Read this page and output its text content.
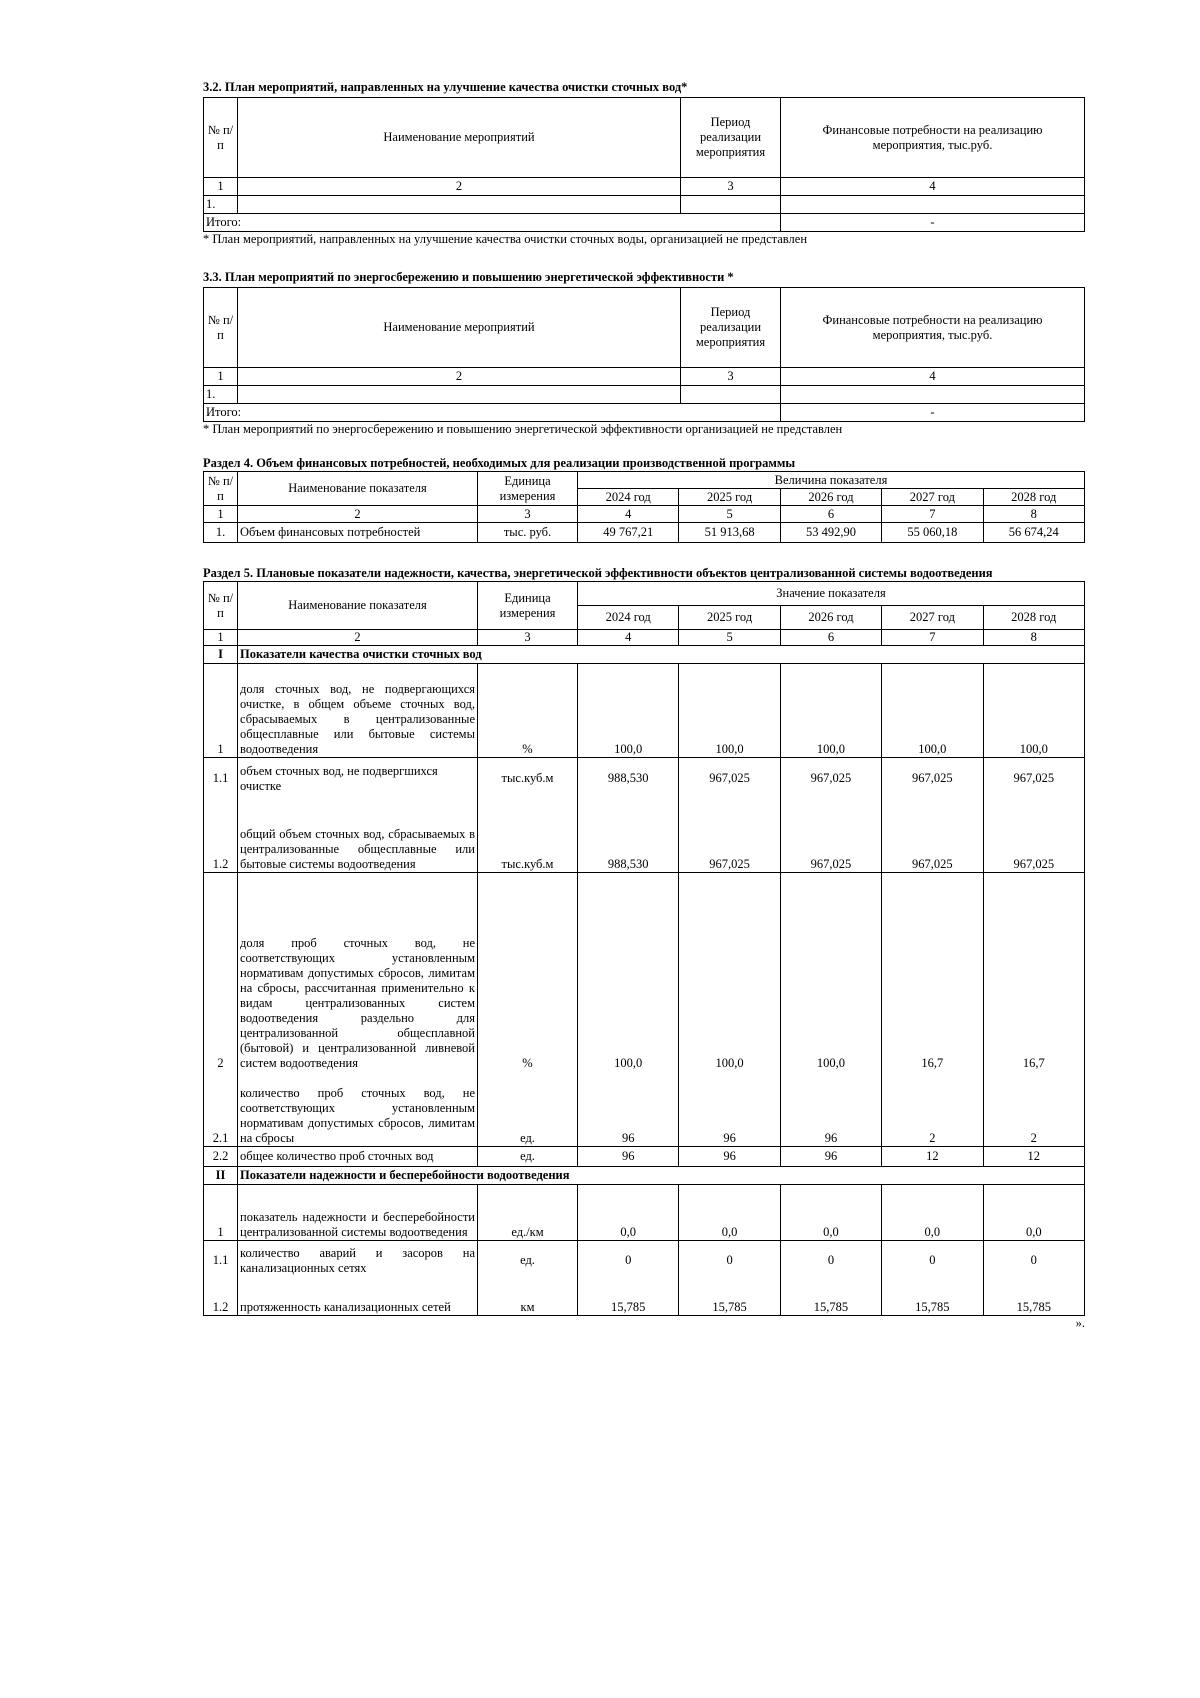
3.2. План мероприятий, направленных на улучшение качества очистки сточных вод*

№ п/п	Наименование мероприятий	Период реализации мероприятия	Финансовые потребности на реализацию мероприятия, тыс.руб.
1	2	3	4
1.			
Итого:			-

* План мероприятий, направленных на улучшение качества очистки сточных воды, организацией не представлен

3.3. План мероприятий по энергосбережению и повышению энергетической эффективности *

№ п/п	Наименование мероприятий	Период реализации мероприятия	Финансовые потребности на реализацию мероприятия, тыс.руб.
1	2	3	4
1.			
Итого:			-

* План мероприятий по энергосбережению и повышению энергетической эффективности организацией не представлен

Раздел 4. Объем финансовых потребностей, необходимых для реализации производственной программы

№ п/п	Наименование показателя	Единица измерения	Величина показателя				
			2024 год	2025 год	2026 год	2027 год	2028 год
1	2	3	4	5	6	7	8
1.	Объем финансовых потребностей	тыс. руб.	49 767,21	51 913,68	53 492,90	55 060,18	56 674,24

Раздел 5. Плановые показатели надежности, качества, энергетической эффективности объектов централизованной системы водоотведения

№ п/п	Наименование показателя	Единица измерения	Значение показателя				
			2024 год	2025 год	2026 год	2027 год	2028 год
1	2	3	4	5	6	7	8
I	Показатели качества очистки сточных вод						
1	доля сточных вод, не подвергающихся очистке, в общем объеме сточных вод, сбрасываемых в централизованные общесплавные или бытовые системы водоотведения	%	100,0	100,0	100,0	100,0	100,0
1.1	объем сточных вод, не подвергшихся очистке	тыс.куб.м	988,530	967,025	967,025	967,025	967,025
1.2	общий объем сточных вод, сбрасываемых в централизованные общесплавные или бытовые системы водоотведения	тыс.куб.м	988,530	967,025	967,025	967,025	967,025
2	доля проб сточных вод, не соответствующих установленным нормативам допустимых сбросов, лимитам на сбросы, рассчитанная применительно к видам централизованных систем водоотведения раздельно для централизованной общесплавной (бытовой) и централизованной ливневой систем водоотведения	%	100,0	100,0	100,0	16,7	16,7
2.1	количество проб сточных вод, не соответствующих установленным нормативам допустимых сбросов, лимитам на сбросы	ед.	96	96	96	2	2
2.2	общее количество проб сточных вод	ед.	96	96	96	12	12
II	Показатели надежности и бесперебойности водоотведения						
1	показатель надежности и бесперебойности централизованной системы водоотведения	ед./км	0,0	0,0	0,0	0,0	0,0
1.1	количество аварий и засоров на канализационных сетях	ед.	0	0	0	0	0
1.2	протяженность канализационных сетей	км	15,785	15,785	15,785	15,785	15,785
».
